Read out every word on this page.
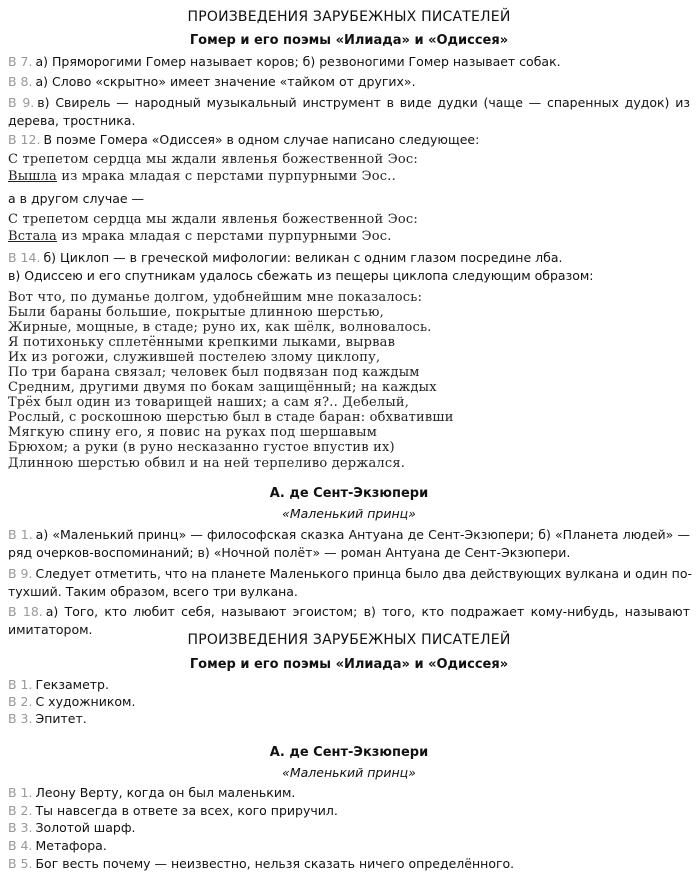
ПРОИЗВЕДЕНИЯ ЗАРУБЕЖНЫХ ПИСАТЕЛЕЙ
Гомер и его поэмы «Илиада» и «Одиссея»
В 7. а) Пряморогими Гомер называет коров; б) резвоногими Гомер называет собак.
В 8. а) Слово «скрытно» имеет значение «тайком от других».
В 9. в) Свирель — народный музыкальный инструмент в виде дудки (чаще — спаренных дудок) из
дерева, тростника.
В 12. В поэме Гомера «Одиссея» в одном случае написано следующее:
С трепетом сердца мы ждали явленья божественной Эос:
Вышла из мрака младая с перстами пурпурными Эос..
а в другом случае —
С трепетом сердца мы ждали явленья божественной Эос:
Встала из мрака младая с перстами пурпурными Эос.
В 14. б) Циклоп — в греческой мифологии: великан с одним глазом посредине лба.
в) Одиссею и его спутникам удалось сбежать из пещеры циклопа следующим образом:
Вот что, по думанье долгом, удобнейшим мне показалось:
Были бараны большие, покрытые длинною шерстью,
Жирные, мощные, в стаде; руно их, как шёлк, волновалось.
Я потихоньку сплетёнными крепкими лыками, вырвав
Их из рогожи, служившей постелею злому циклопу,
По три барана связал; человек был подвязан под каждым
Средним, другими двумя по бокам защищённый; на каждых
Трёх был один из товарищей наших; а сам я?.. Дебелый,
Рослый, с роскошною шерстью был в стаде баран: обхвативши
Мягкую спину его, я повис на руках под шершавым
Брюхом; а руки (в руно несказанно густое впустив их)
Длинною шерстью обвил и на ней терпеливо держался.
А. де Сент-Экзюпери
«Маленький принц»
В 1. а) «Маленький принц» — философская сказка Антуана де Сент-Экзюпери; б) «Планета людей» —
ряд очерков-воспоминаний; в) «Ночной полёт» — роман Антуана де Сент-Экзюпери.
В 9. Следует отметить, что на планете Маленького принца было два действующих вулкана и один по-
тухший. Таким образом, всего три вулкана.
В 18. а) Того, кто любит себя, называют эгоистом; в) того, кто подражает кому-нибудь, называют
имитатором.
ПРОИЗВЕДЕНИЯ ЗАРУБЕЖНЫХ ПИСАТЕЛЕЙ
Гомер и его поэмы «Илиада» и «Одиссея»
В 1. Гекзаметр.
В 2. С художником.
В 3. Эпитет.
А. де Сент-Экзюпери
«Маленький принц»
В 1. Леону Верту, когда он был маленьким.
В 2. Ты навсегда в ответе за всех, кого приручил.
В 3. Золотой шарф.
В 4. Метафора.
В 5. Бог весть почему — неизвестно, нельзя сказать ничего определённого.
